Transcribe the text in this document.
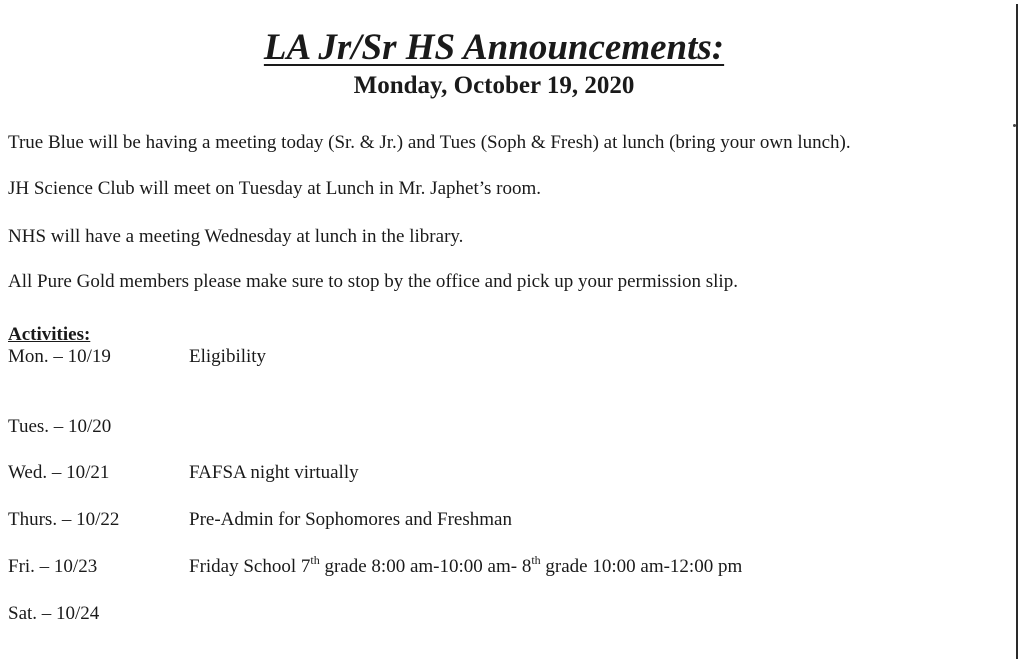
LA Jr/Sr HS Announcements:
Monday, October 19, 2020

True Blue will be having a meeting today (Sr. & Jr.) and Tues (Soph & Fresh) at lunch (bring your own lunch).

JH Science Club will meet on Tuesday at Lunch in Mr. Japhet’s room.

NHS will have a meeting Wednesday at lunch in the library.

All Pure Gold members please make sure to stop by the office and pick up your permission slip.

Activities:
Mon. – 10/19	Eligibility
Tues. – 10/20
Wed. – 10/21	FAFSA night virtually
Thurs. – 10/22	Pre-Admin for Sophomores and Freshman
Fri. – 10/23	Friday School 7th grade 8:00 am-10:00 am- 8th grade 10:00 am-12:00 pm
Sat. – 10/24
